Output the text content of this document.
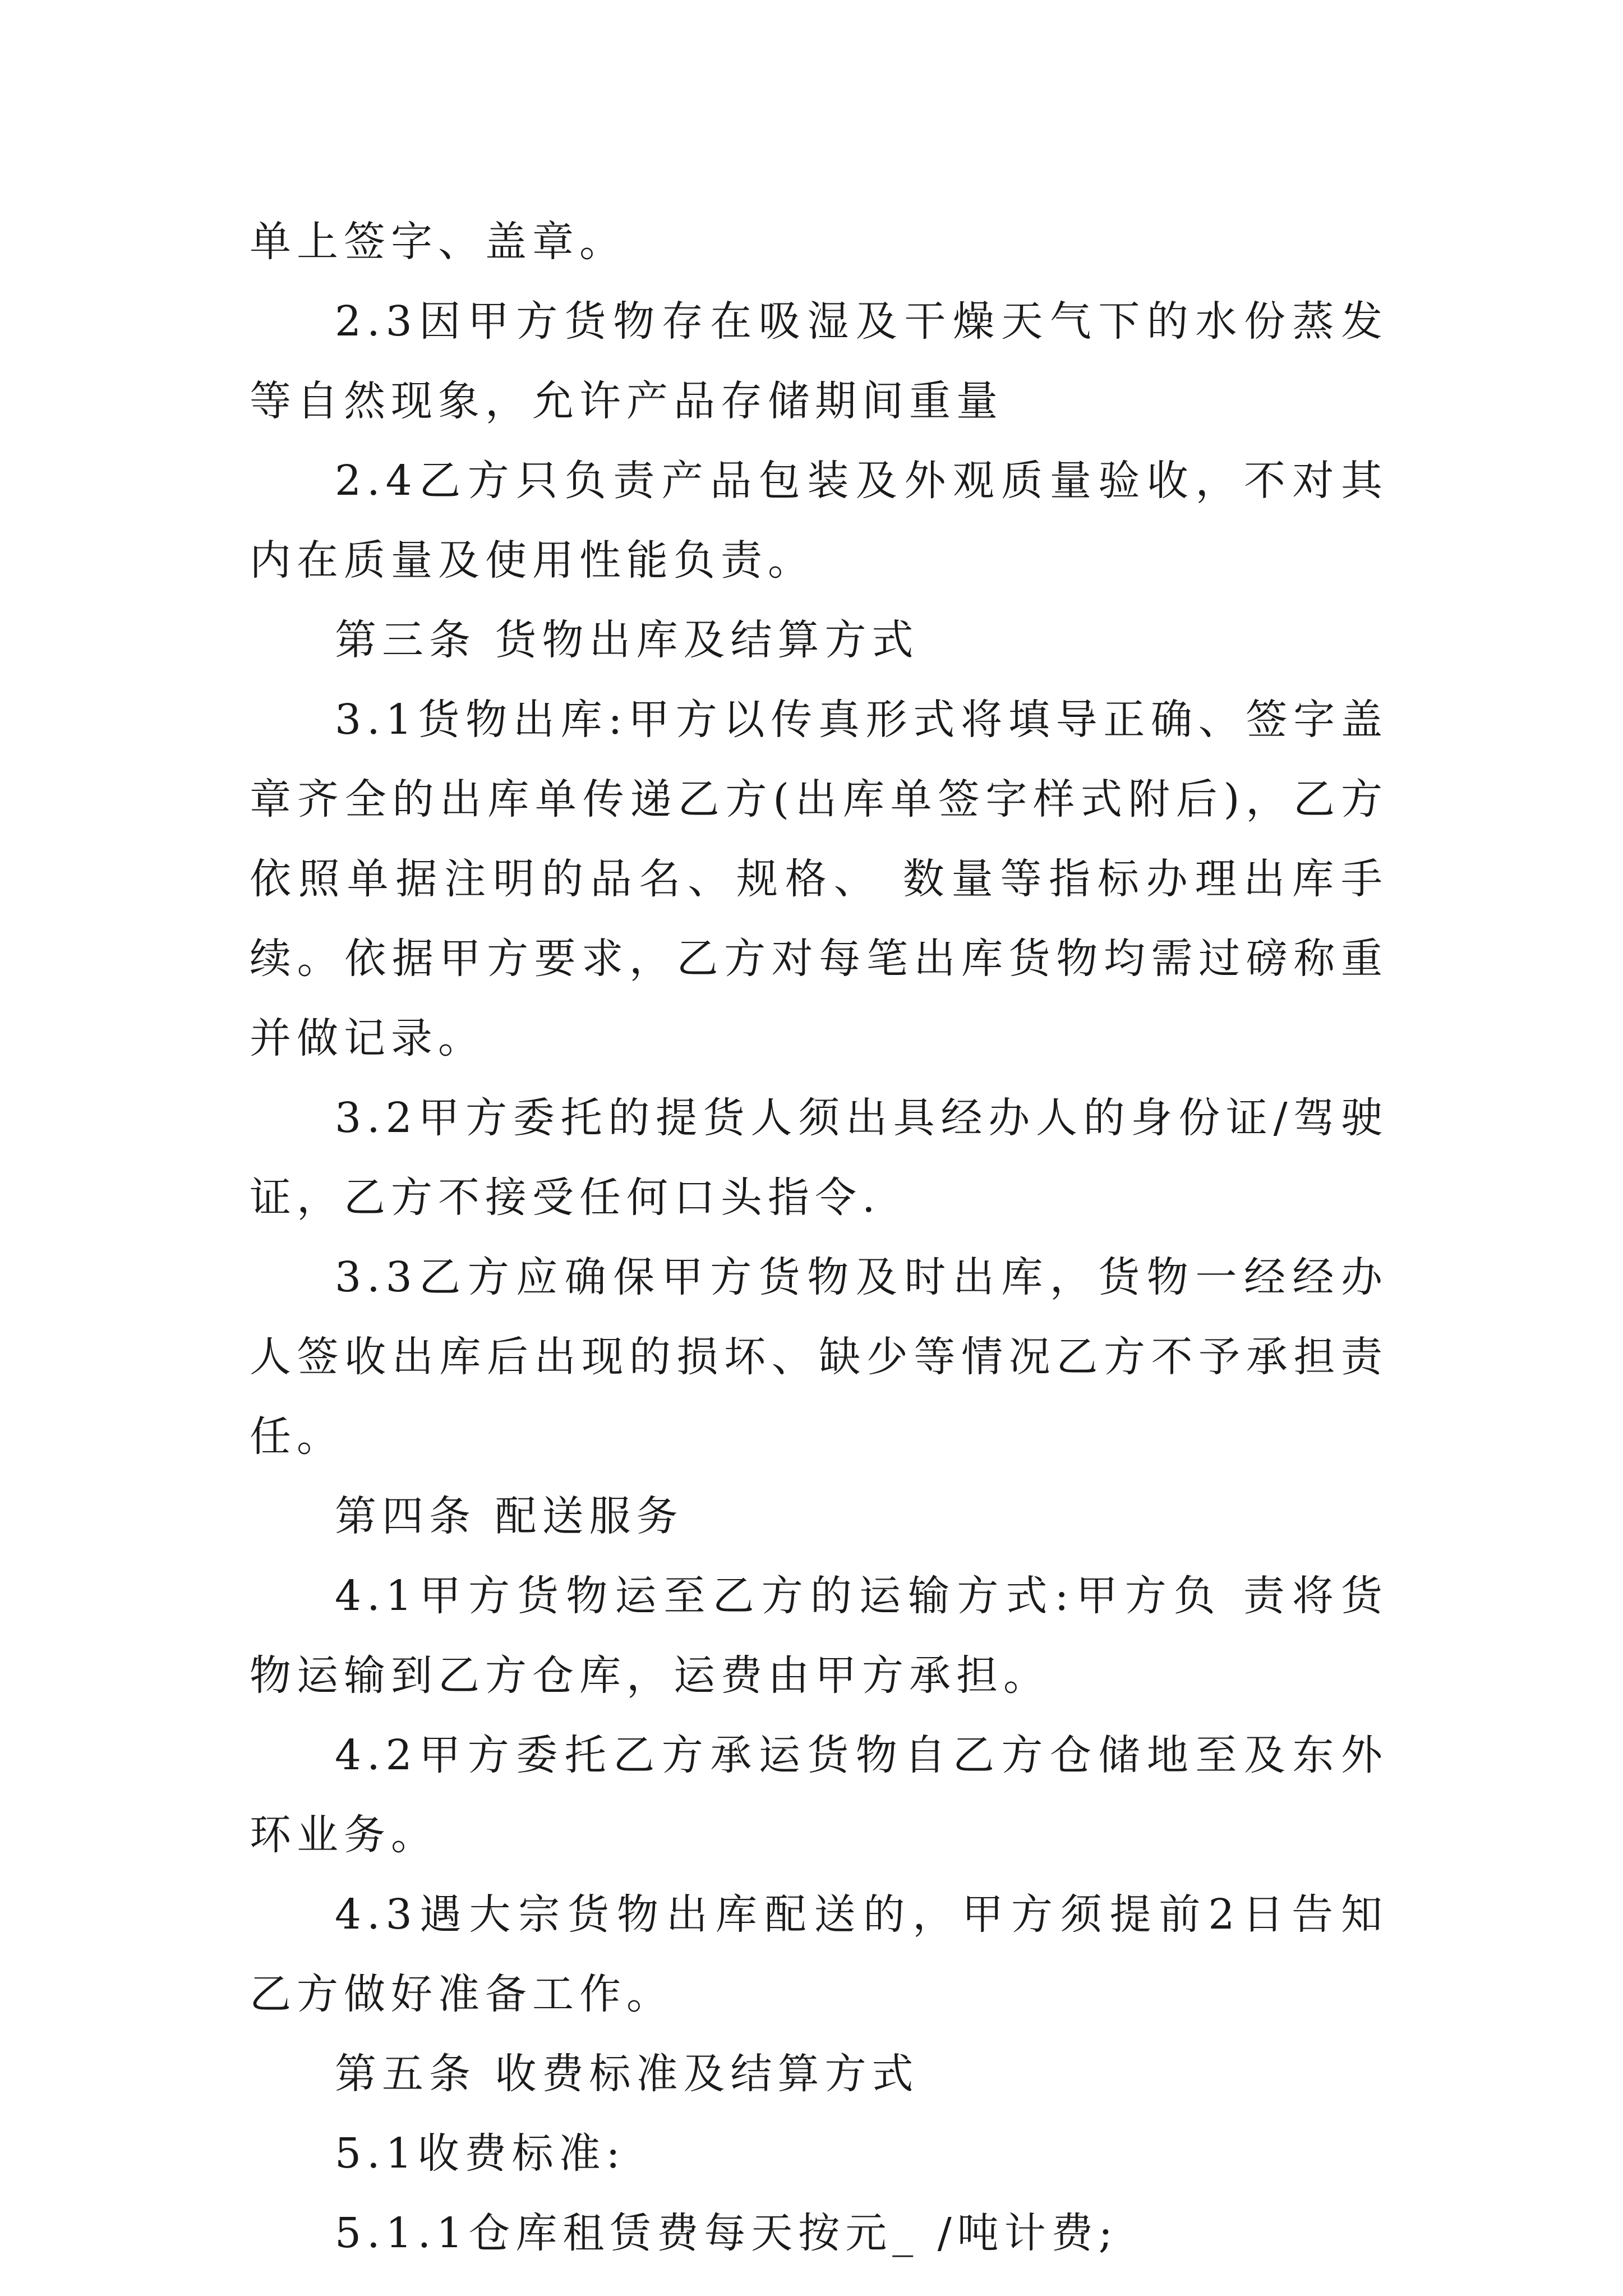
单上签字、盖章。

2.3因甲方货物存在吸湿及干燥天气下的水份蒸发等自然现象，允许产品存储期间重量

2.4乙方只负责产品包装及外观质量验收，不对其内在质量及使用性能负责。

第三条 货物出库及结算方式

3.1货物出库:甲方以传真形式将填导正确、签字盖章齐全的出库单传递乙方(出库单签字样式附后)，乙方依照单据注明的品名、规格、 数量等指标办理出库手续。依据甲方要求，乙方对每笔出库货物均需过磅称重并做记录。

3.2甲方委托的提货人须出具经办人的身份证/驾驶证，乙方不接受任何口头指令.

3.3乙方应确保甲方货物及时出库，货物一经经办 人签收出库后出现的损坏、缺少等情况乙方不予承担责任。

第四条 配送服务

4.1甲方货物运至乙方的运输方式:甲方负 责将货物运输到乙方仓库，运费由甲方承担。

4.2甲方委托乙方承运货物自乙方仓储地至及东外环业务。

4.3遇大宗货物出库配送的，甲方须提前2日告知乙方做好准备工作。

第五条 收费标准及结算方式

5.1收费标准:

5.1.1仓库租赁费每天按元_ /吨计费;
